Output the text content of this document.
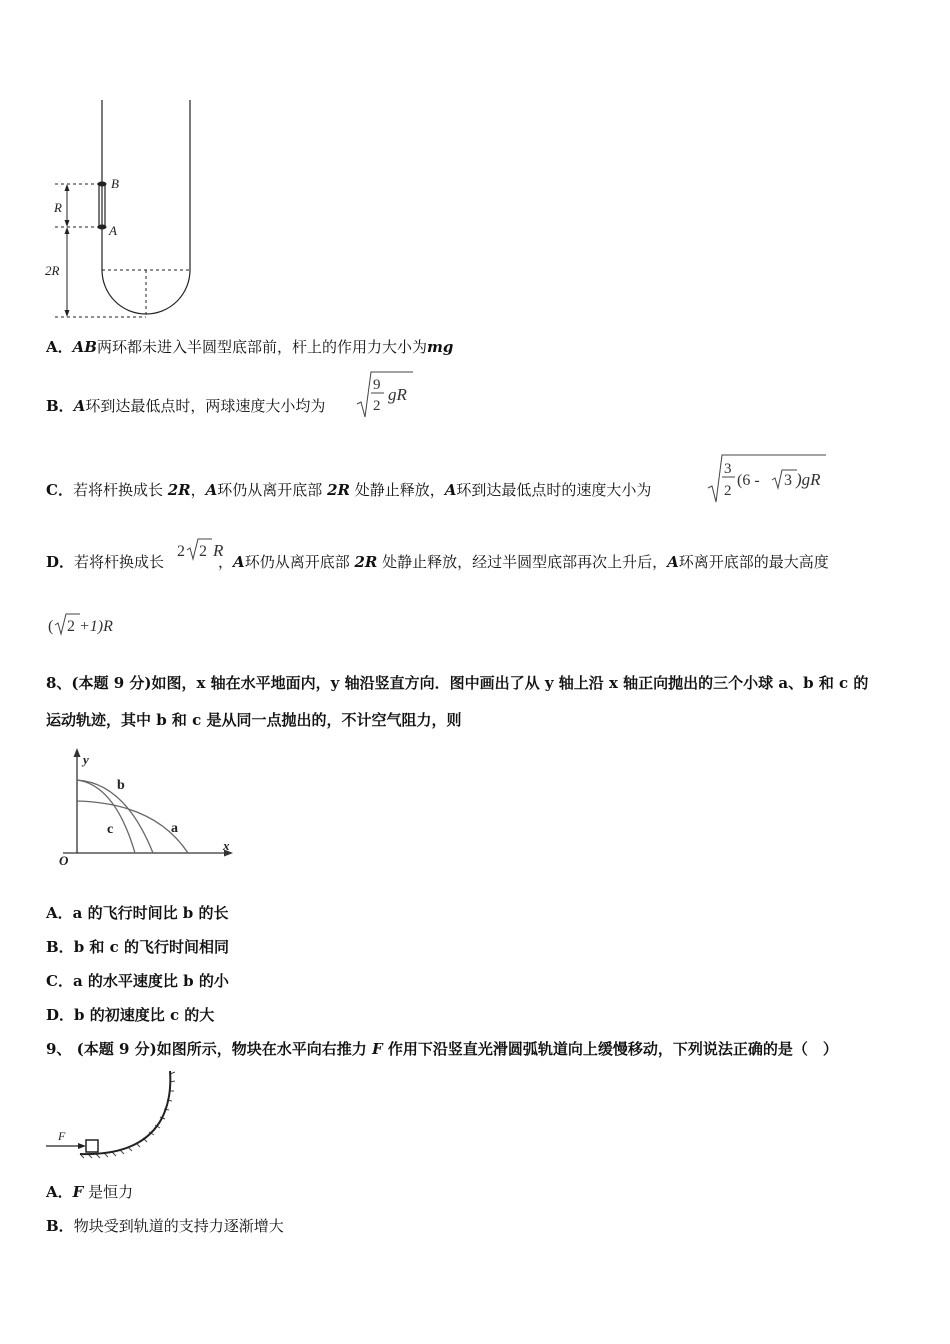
B
A
R
2R
A．AB两环都未进入半圆型底部前，杆上的作用力大小为mg
B．A环到达最低点时，两球速度大小均为
9
2
gR
C．若将杆换成长 2R，A环仍从离开底部 2R 处静止释放，A环到达最低点时的速度大小为
3
2
(6 - 3 )gR
D．若将杆换成长	，A环仍从离开底部 2R 处静止释放，经过半圆型底部再次上升后，A环离开底部的最大高度
2 2 R
( 2 +1)R
8、(本题 9 分)如图，x 轴在水平地面内，y 轴沿竖直方向．图中画出了从 y 轴上沿 x 轴正向抛出的三个小球 a、b 和 c 的
运动轨迹，其中 b 和 c 是从同一点抛出的，不计空气阻力，则
y
x
O
b
c	a
A．a 的飞行时间比 b 的长
B．b 和 c 的飞行时间相同
C．a 的水平速度比 b 的小
D．b 的初速度比 c 的大
9、 (本题 9 分)如图所示，物块在水平向右推力 F 作用下沿竖直光滑圆弧轨道向上缓慢移动，下列说法正确的是（　）
F
A．F 是恒力
B．物块受到轨道的支持力逐渐增大
